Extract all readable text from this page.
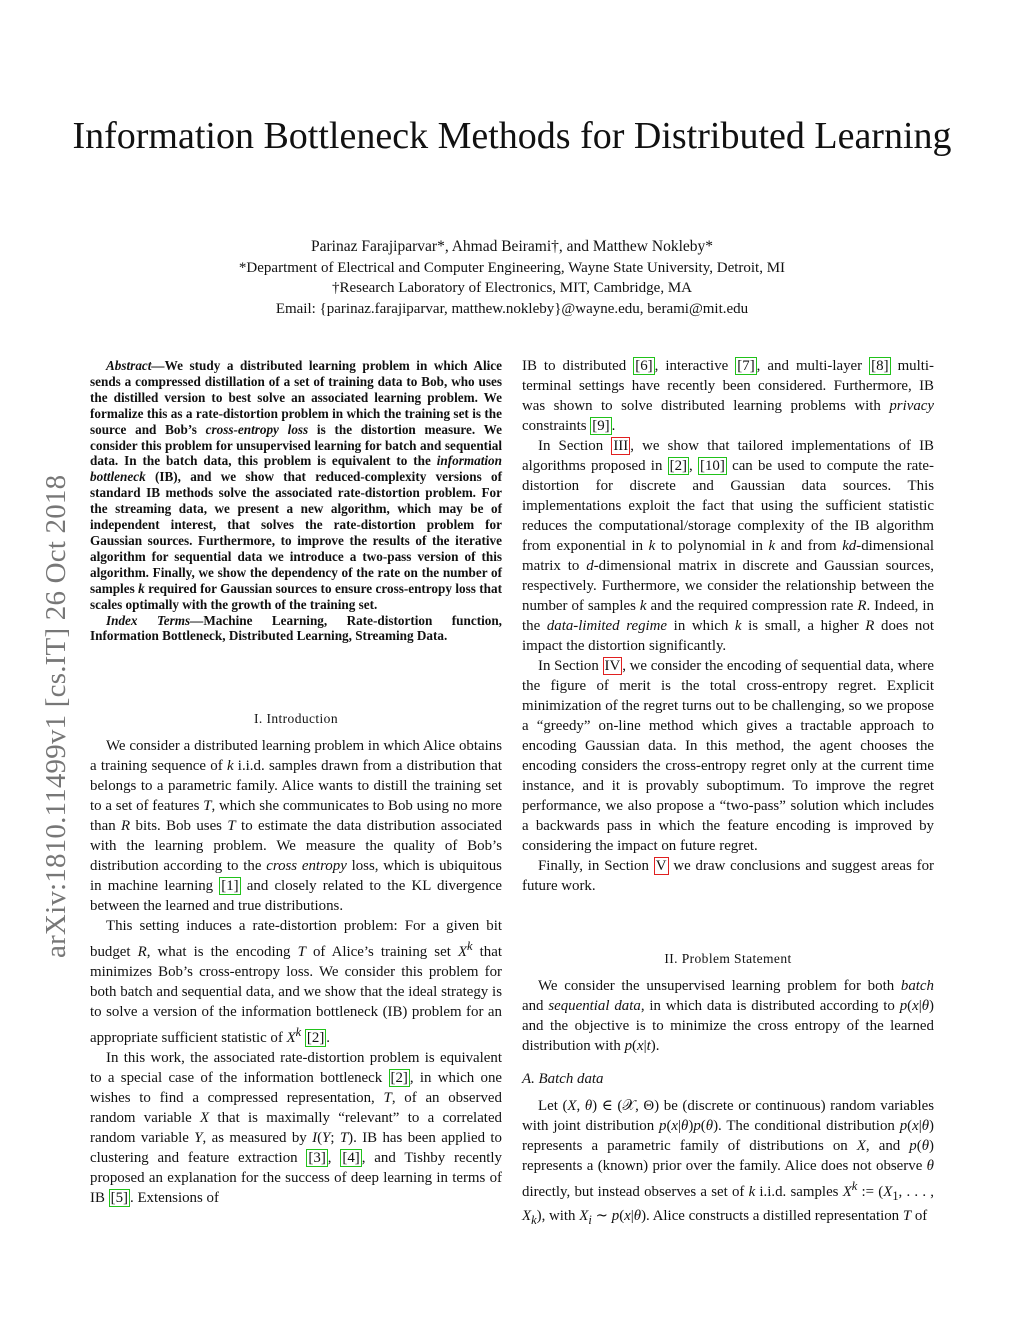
arXiv:1810.11499v1 [cs.IT] 26 Oct 2018
Information Bottleneck Methods for Distributed Learning
Parinaz Farajiparvar*, Ahmad Beirami†, and Matthew Nokleby*
*Department of Electrical and Computer Engineering, Wayne State University, Detroit, MI
†Research Laboratory of Electronics, MIT, Cambridge, MA
Email: {parinaz.farajiparvar, matthew.nokleby}@wayne.edu, berami@mit.edu

Abstract—We study a distributed learning problem in which Alice sends a compressed distillation of a set of training data to Bob, who uses the distilled version to best solve an associated learning problem. We formalize this as a rate-distortion problem in which the training set is the source and Bob’s cross-entropy loss is the distortion measure. We consider this problem for unsupervised learning for batch and sequential data. In the batch data, this problem is equivalent to the information bottleneck (IB), and we show that reduced-complexity versions of standard IB methods solve the associated rate-distortion problem. For the streaming data, we present a new algorithm, which may be of independent interest, that solves the rate-distortion problem for Gaussian sources. Furthermore, to improve the results of the iterative algorithm for sequential data we introduce a two-pass version of this algorithm. Finally, we show the dependency of the rate on the number of samples k required for Gaussian sources to ensure cross-entropy loss that scales optimally with the growth of the training set.

Index Terms—Machine Learning, Rate-distortion function, Information Bottleneck, Distributed Learning, Streaming Data.

I. Introduction

We consider a distributed learning problem in which Alice obtains a training sequence of k i.i.d. samples drawn from a distribution that belongs to a parametric family. Alice wants to distill the training set to a set of features T, which she communicates to Bob using no more than R bits. Bob uses T to estimate the data distribution associated with the learning problem. We measure the quality of Bob’s distribution according to the cross entropy loss, which is ubiquitous in machine learning [1] and closely related to the KL divergence between the learned and true distributions.

This setting induces a rate-distortion problem: For a given bit budget R, what is the encoding T of Alice’s training set $X^k$ that minimizes Bob’s cross-entropy loss. We consider this problem for both batch and sequential data, and we show that the ideal strategy is to solve a version of the information bottleneck (IB) problem for an appropriate sufficient statistic of $X^k$ [2] .

In this work, the associated rate-distortion problem is equivalent to a special case of the information bottleneck [2] , in which one wishes to find a compressed representation, T, of an observed random variable X that is maximally “relevant” to a correlated random variable Y, as measured by I(Y; T). IB has been applied to clustering and feature extraction [3] , [4] , and Tishby recently proposed an explanation for the success of deep learning in terms of IB [5] . Extensions of

IB to distributed [6] , interactive [7] , and multi-layer [8] multi-terminal settings have recently been considered. Furthermore, IB was shown to solve distributed learning problems with privacy constraints [9] .

In Section III , we show that tailored implementations of IB algorithms proposed in [2] , [10] can be used to compute the rate-distortion for discrete and Gaussian data sources. This implementations exploit the fact that using the sufficient statistic reduces the computational/storage complexity of the IB algorithm from exponential in k to polynomial in k and from kd-dimensional matrix to d-dimensional matrix in discrete and Gaussian sources, respectively. Furthermore, we consider the relationship between the number of samples k and the required compression rate R. Indeed, in the data-limited regime in which k is small, a higher R does not impact the distortion significantly.

In Section IV , we consider the encoding of sequential data, where the figure of merit is the total cross-entropy regret. Explicit minimization of the regret turns out to be challenging, so we propose a “greedy” on-line method which gives a tractable approach to encoding Gaussian data. In this method, the agent chooses the encoding considers the cross-entropy regret only at the current time instance, and it is provably suboptimum. To improve the regret performance, we also propose a “two-pass” solution which includes a backwards pass in which the feature encoding is improved by considering the impact on future regret.

Finally, in Section V we draw conclusions and suggest areas for future work.

II. Problem Statement

We consider the unsupervised learning problem for both batch and sequential data, in which data is distributed according to p(x|θ) and the objective is to minimize the cross entropy of the learned distribution with p(x|t).

A. Batch data

Let (X, θ) ∈ (𝒳, Θ) be (discrete or continuous) random variables with joint distribution p(x|θ)p(θ). The conditional distribution p(x|θ) represents a parametric family of distributions on X, and p(θ) represents a (known) prior over the family. Alice does not observe θ directly, but instead observes a set of k i.i.d. samples $X^k$ := ($X_1$, . . . , $X_k$), with $X_i$ ∼ p(x|θ). Alice constructs a distilled representation T of
